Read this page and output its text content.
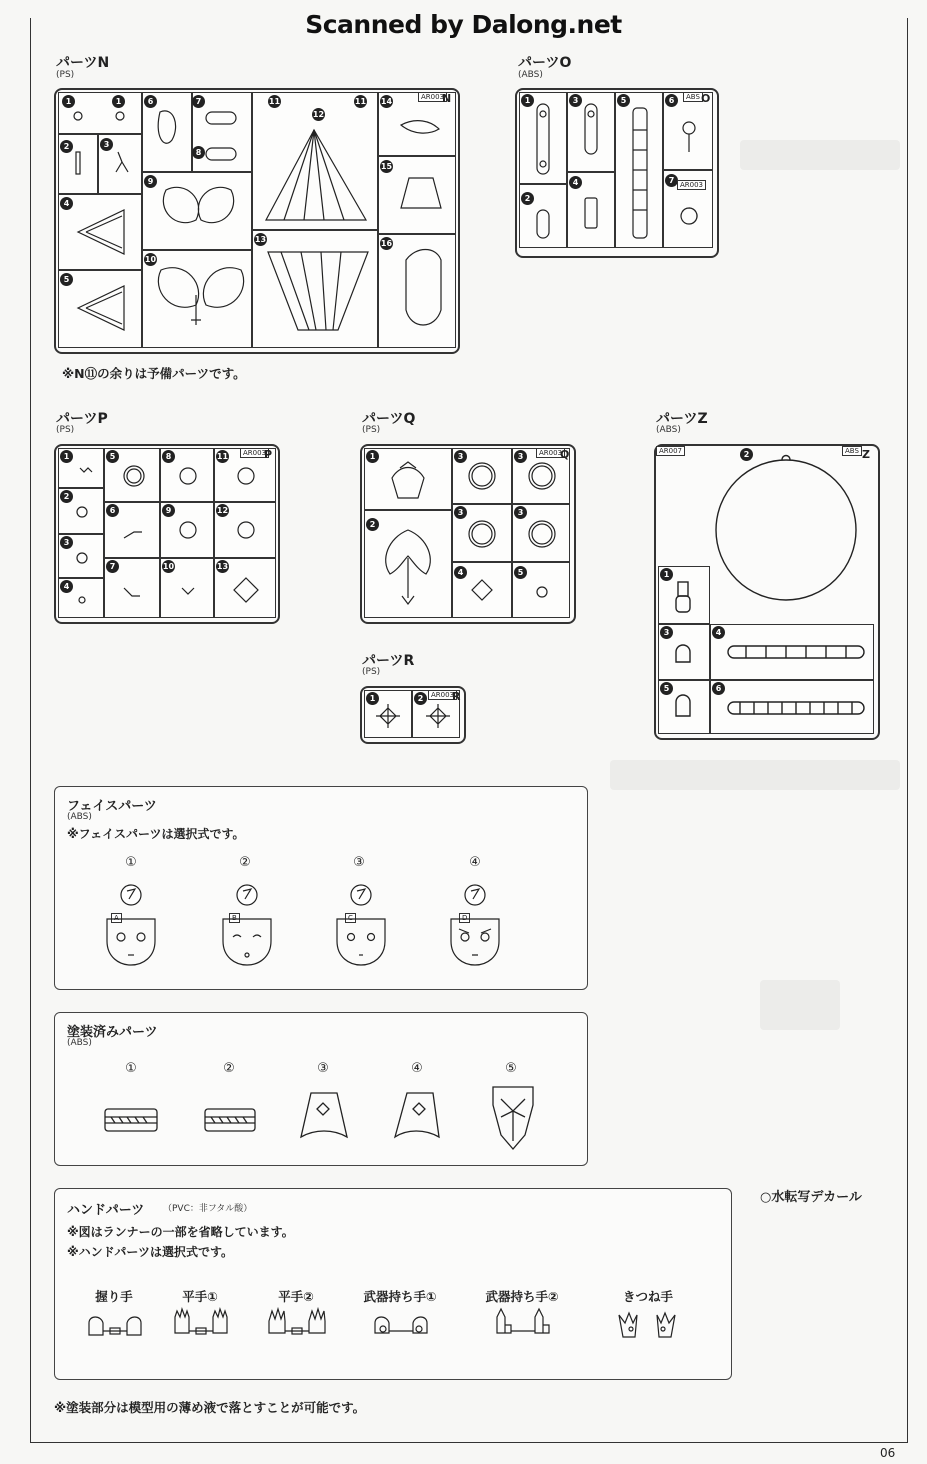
Scanned by Dalong.net
パーツN
(PS)
1	1	6	7	11
12
11 14
2	3
8
15
9
4
10
13	16
5
AR003
N
※N⑪の余りは予備パーツです。
パーツO
(ABS)
1	3	5	6
7
4
2
ABS
AR003
O
パーツP
(PS)
1	5	8	11
2
6	9	12
3
7	10	13
4
AR003
P
パーツQ
(PS)
1	3	3
2
3	3
4	5
AR003
Q
パーツR
(PS)
1	2	AR003
R
パーツZ
(ABS)
2
1
3	4
5	6
AR007	ABS Z
フェイスパーツ
(ABS)
※フェイスパーツは選択式です。
①	②	③	④
A	B	C	D
塗装済みパーツ
(ABS)
①	②	③	④	⑤
ハンドパーツ （PVC：非フタル酸）
※図はランナーの一部を省略しています。
※ハンドパーツは選択式です。
握り手	平手①	平手②	武器持ち手①	武器持ち手②	きつね手
○水転写デカール
※塗装部分は模型用の薄め液で落とすことが可能です。
06
